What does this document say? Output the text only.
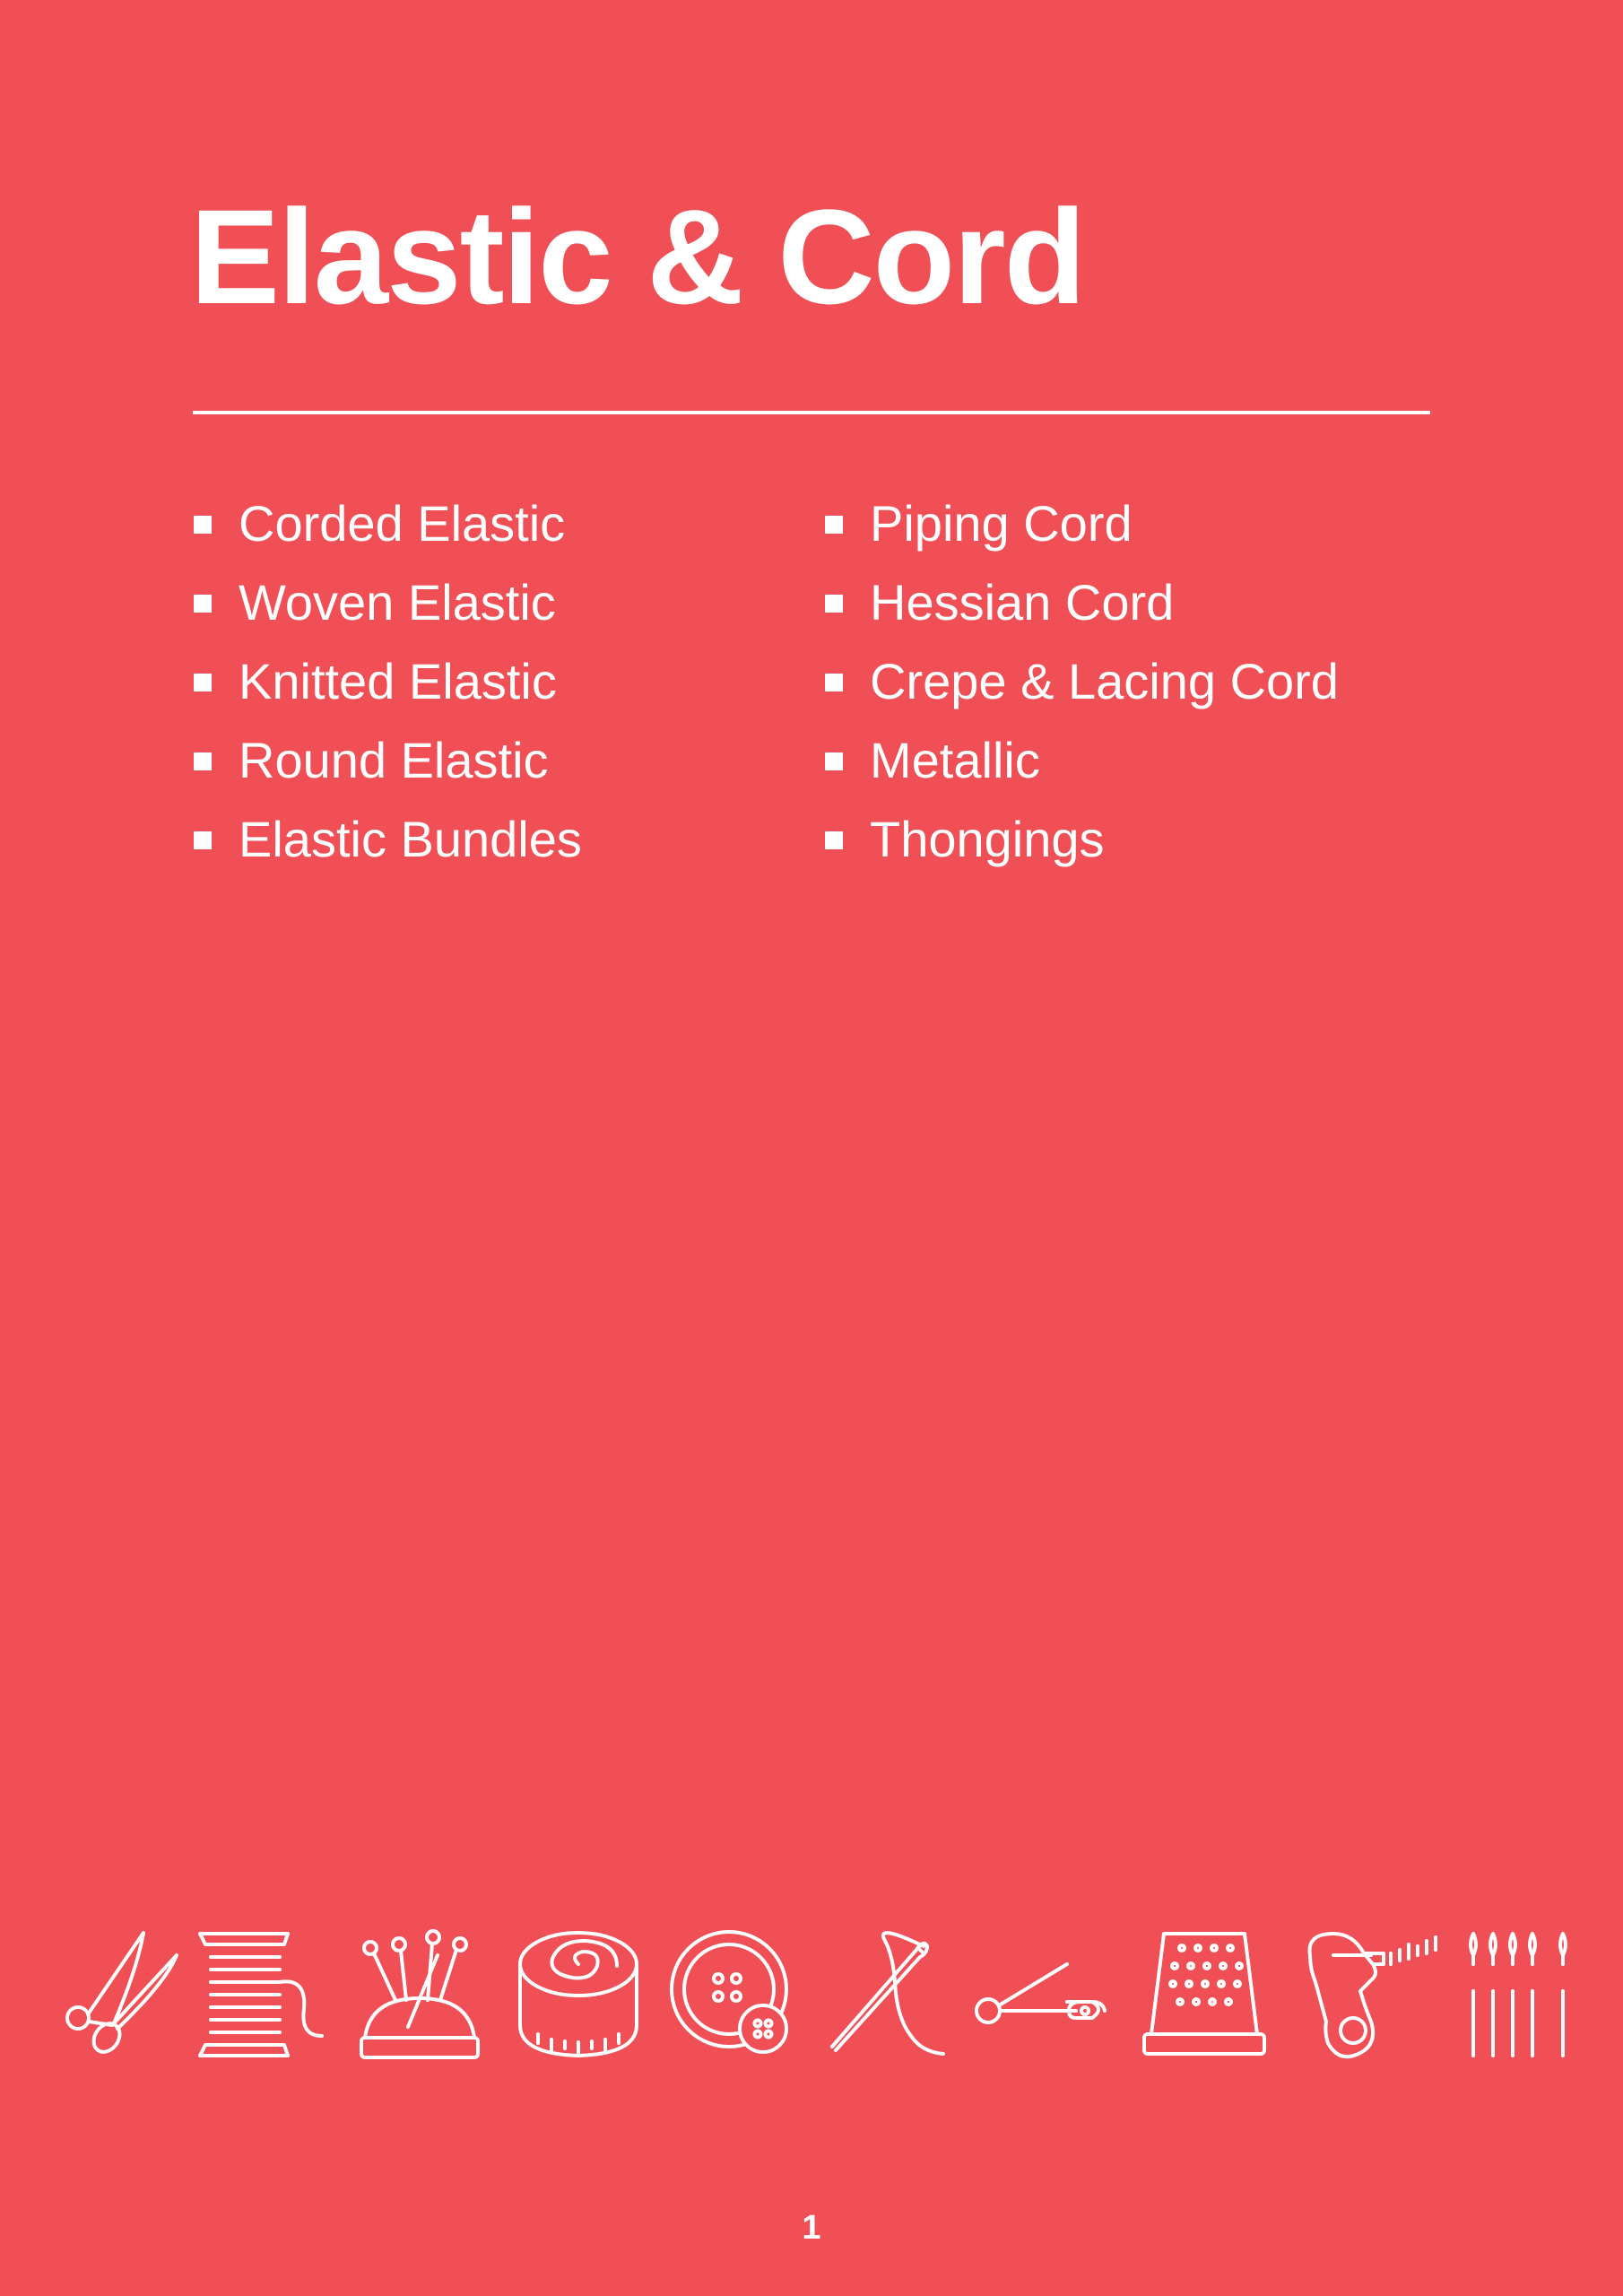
Elastic & Cord
Corded Elastic
Woven Elastic
Knitted Elastic
Round Elastic
Elastic Bundles
Piping Cord
Hessian Cord
Crepe & Lacing Cord
Metallic
Thongings
1
